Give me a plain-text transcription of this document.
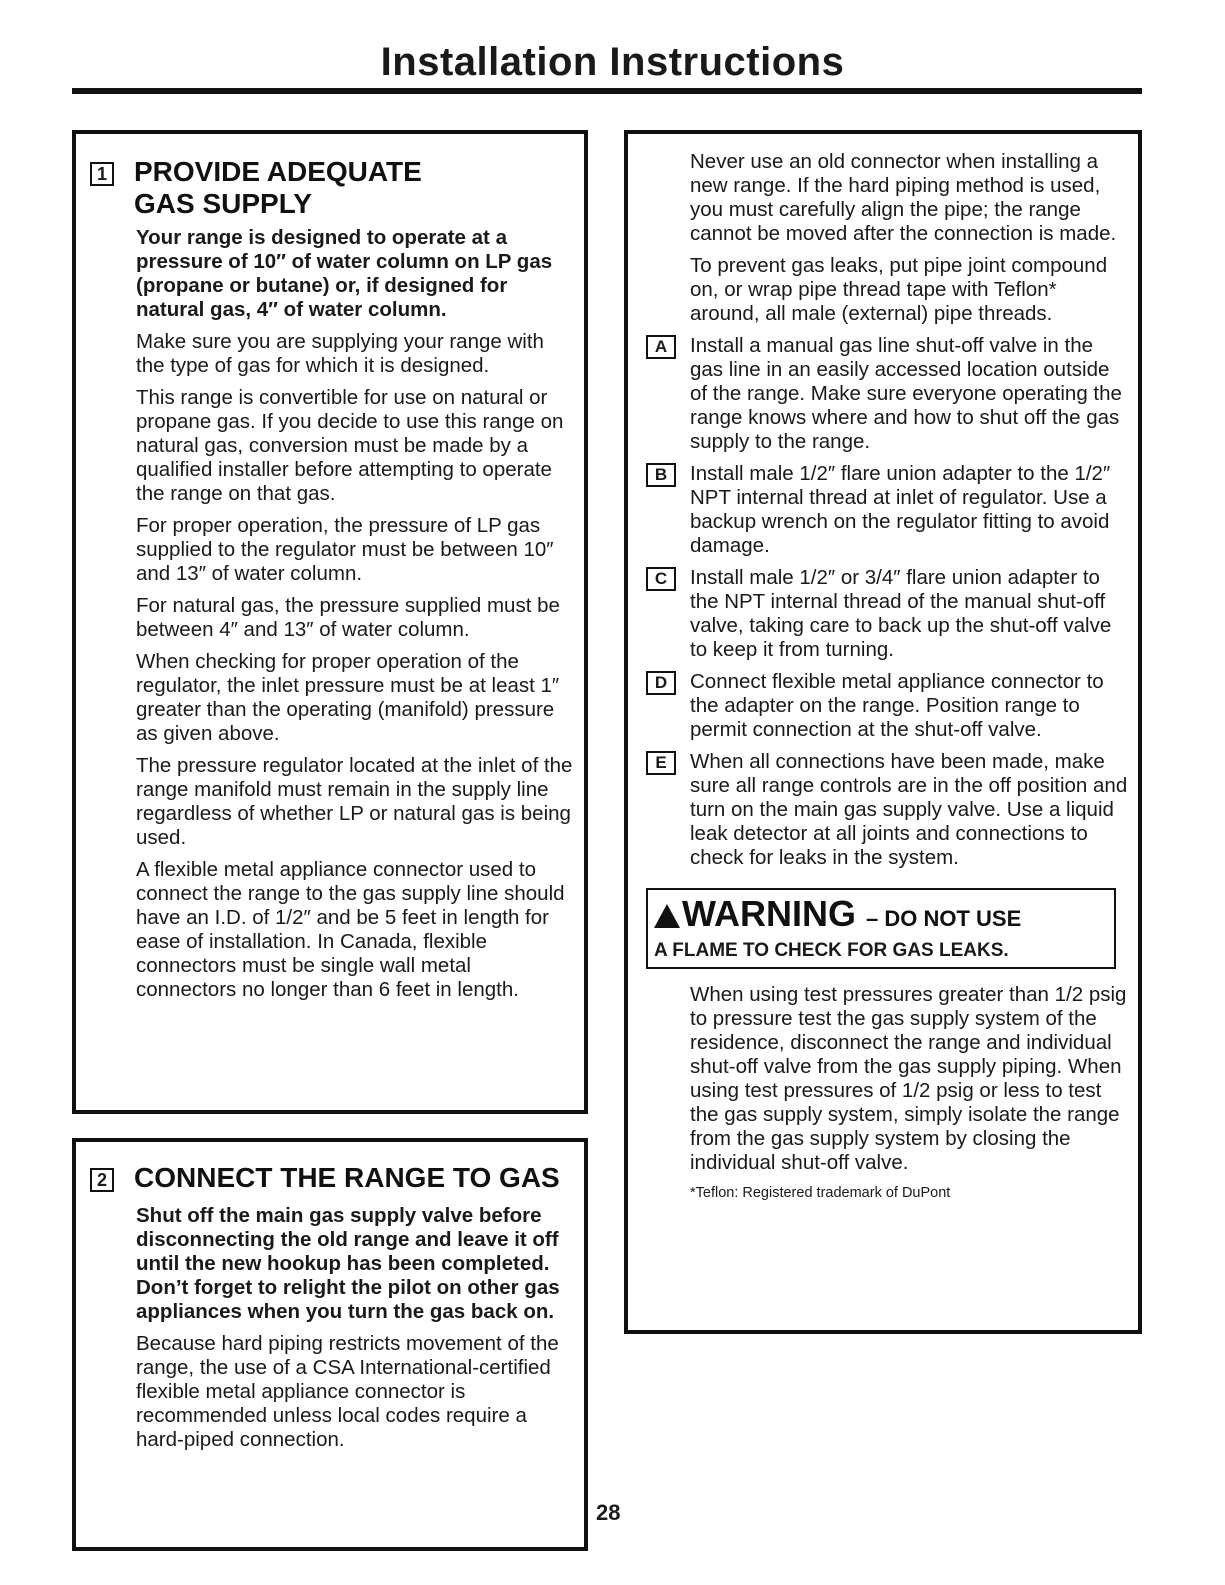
Installation Instructions
1 PROVIDE ADEQUATE
GAS SUPPLY

Your range is designed to operate at a pressure of 10″ of water column on LP gas (propane or butane) or, if designed for natural gas, 4″ of water column.

Make sure you are supplying your range with the type of gas for which it is designed.

This range is convertible for use on natural or propane gas. If you decide to use this range on natural gas, conversion must be made by a qualified installer before attempting to operate the range on that gas.

For proper operation, the pressure of LP gas supplied to the regulator must be between 10″ and 13″ of water column.

For natural gas, the pressure supplied must be between 4″ and 13″ of water column.

When checking for proper operation of the regulator, the inlet pressure must be at least 1″ greater than the operating (manifold) pressure as given above.

The pressure regulator located at the inlet of the range manifold must remain in the supply line regardless of whether LP or natural gas is being used.

A flexible metal appliance connector used to connect the range to the gas supply line should have an I.D. of 1/2″ and be 5 feet in length for ease of installation. In Canada, flexible connectors must be single wall metal connectors no longer than 6 feet in length.

2 CONNECT THE RANGE TO GAS

Shut off the main gas supply valve before disconnecting the old range and leave it off until the new hookup has been completed. Don’t forget to relight the pilot on other gas appliances when you turn the gas back on.

Because hard piping restricts movement of the range, the use of a CSA International-certified flexible metal appliance connector is recommended unless local codes require a hard-piped connection.

Never use an old connector when installing a new range. If the hard piping method is used, you must carefully align the pipe; the range cannot be moved after the connection is made.

To prevent gas leaks, put pipe joint compound on, or wrap pipe thread tape with Teflon* around, all male (external) pipe threads.

A	Install a manual gas line shut-off valve in the gas line in an easily accessed location outside of the range. Make sure everyone operating the range knows where and how to shut off the gas supply to the range.
B	Install male 1/2″ flare union adapter to the 1/2″ NPT internal thread at inlet of regulator. Use a backup wrench on the regulator fitting to avoid damage.
C	Install male 1/2″ or 3/4″ flare union adapter to the NPT internal thread of the manual shut-off valve, taking care to back up the shut-off valve to keep it from turning.
D	Connect flexible metal appliance connector to the adapter on the range. Position range to permit connection at the shut-off valve.
E	When all connections have been made, make sure all range controls are in the off position and turn on the main gas supply valve. Use a liquid leak detector at all joints and connections to check for leaks in the system.
WARNING – DO NOT USE
A FLAME TO CHECK FOR GAS LEAKS.

When using test pressures greater than 1/2 psig to pressure test the gas supply system of the residence, disconnect the range and individual shut-off valve from the gas supply piping. When using test pressures of 1/2 psig or less to test the gas supply system, simply isolate the range from the gas supply system by closing the individual shut-off valve.

*Teflon: Registered trademark of DuPont
28
